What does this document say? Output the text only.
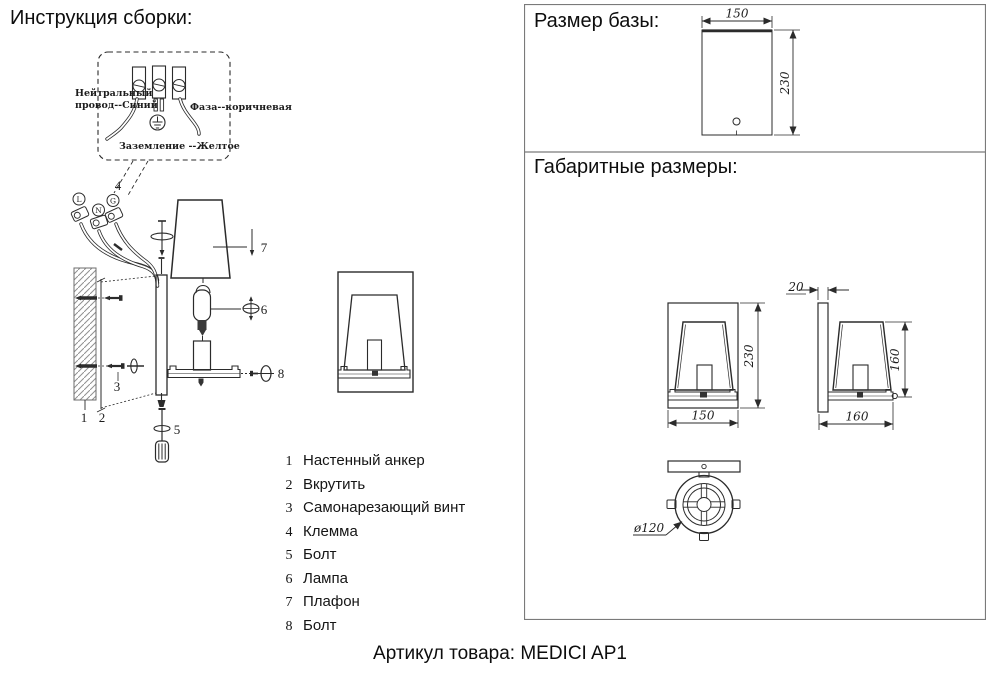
Инструкция сборки:
Нейтральный
провод--Синий	Фаза--коричневая
Заземление --Желтое
4
L
N
G
1 2
3
7
6
8
5
1 Настенный анкер
2 Вкрутить
3 Самонарезающий винт
4 Клемма
5 Болт
6 Лампа
7 Плафон
8 Болт
Размер базы:
Габаритные размеры:
150
230
230
150
20
160
160
ø120
Артикул товара: MEDICI AP1
